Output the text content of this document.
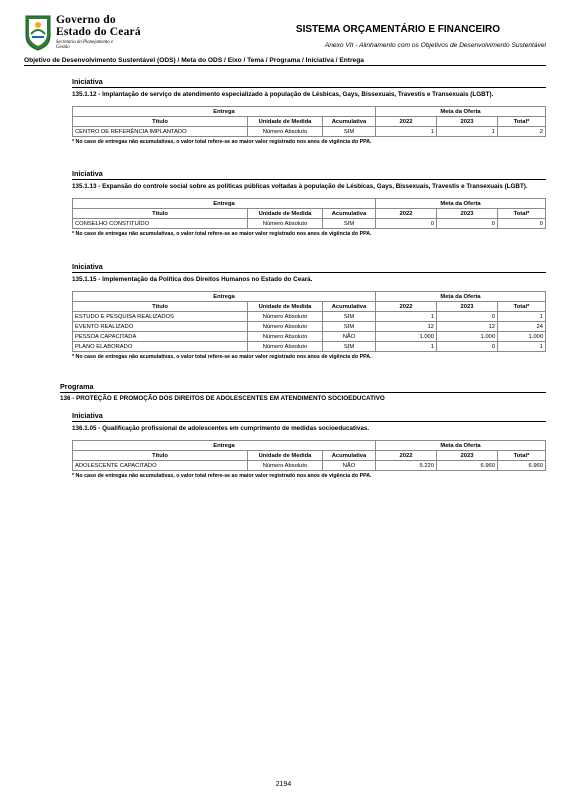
Governo do
Estado do Ceará
Secretaria do Planejamento e Gestão
SISTEMA ORÇAMENTÁRIO E FINANCEIRO
Anexo VII - Alinhamento com os Objetivos de Desenvolvimento Sustentável
Objetivo de Desenvolvimento Sustentável (ODS) / Meta do ODS / Eixo / Tema / Programa / Iniciativa / Entrega
Iniciativa
135.1.12 - Implantação de serviço de atendimento especializado à população de Lésbicas, Gays, Bissexuais, Travestis e Transexuais (LGBT).
Entrega			Meta da Oferta		
Título	Unidade de Medida	Acumulativa	2022	2023	Total*
CENTRO DE REFERÊNCIA IMPLANTADO	Número Absoluto	SIM	1	1	2
* No caso de entregas não acumulativas, o valor total refere-se ao maior valor registrado nos anos de vigência do PPA.
Iniciativa
135.1.13 - Expansão do controle social sobre as políticas públicas voltadas à população de Lésbicas, Gays, Bissexuais, Travestis e Transexuais (LGBT).
Entrega			Meta da Oferta		
Título	Unidade de Medida	Acumulativa	2022	2023	Total*
CONSELHO CONSTITUÍDO	Número Absoluto	SIM	0	0	0
* No caso de entregas não acumulativas, o valor total refere-se ao maior valor registrado nos anos de vigência do PPA.
Iniciativa
135.1.15 - Implementação da Política dos Direitos Humanos no Estado do Ceará.
Entrega			Meta da Oferta		
Título	Unidade de Medida	Acumulativa	2022	2023	Total*
ESTUDO E PESQUISA REALIZADOS	Número Absoluto	SIM	1	0	1
EVENTO REALIZADO	Número Absoluto	SIM	12	12	24
PESSOA CAPACITADA	Número Absoluto	NÃO	1.000	1.000	1.000
PLANO ELABORADO	Número Absoluto	SIM	1	0	1
* No caso de entregas não acumulativas, o valor total refere-se ao maior valor registrado nos anos de vigência do PPA.
Programa
136 - PROTEÇÃO E PROMOÇÃO DOS DIREITOS DE ADOLESCENTES EM ATENDIMENTO SOCIOEDUCATIVO
Iniciativa
136.1.05 - Qualificação profissional de adolescentes em cumprimento de medidas socioeducativas.
Entrega			Meta da Oferta		
Título	Unidade de Medida	Acumulativa	2022	2023	Total*
ADOLESCENTE CAPACITADO	Número Absoluto	NÃO	5.220	6.960	6.960
* No caso de entregas não acumulativas, o valor total refere-se ao maior valor registrado nos anos de vigência do PPA.
2194
